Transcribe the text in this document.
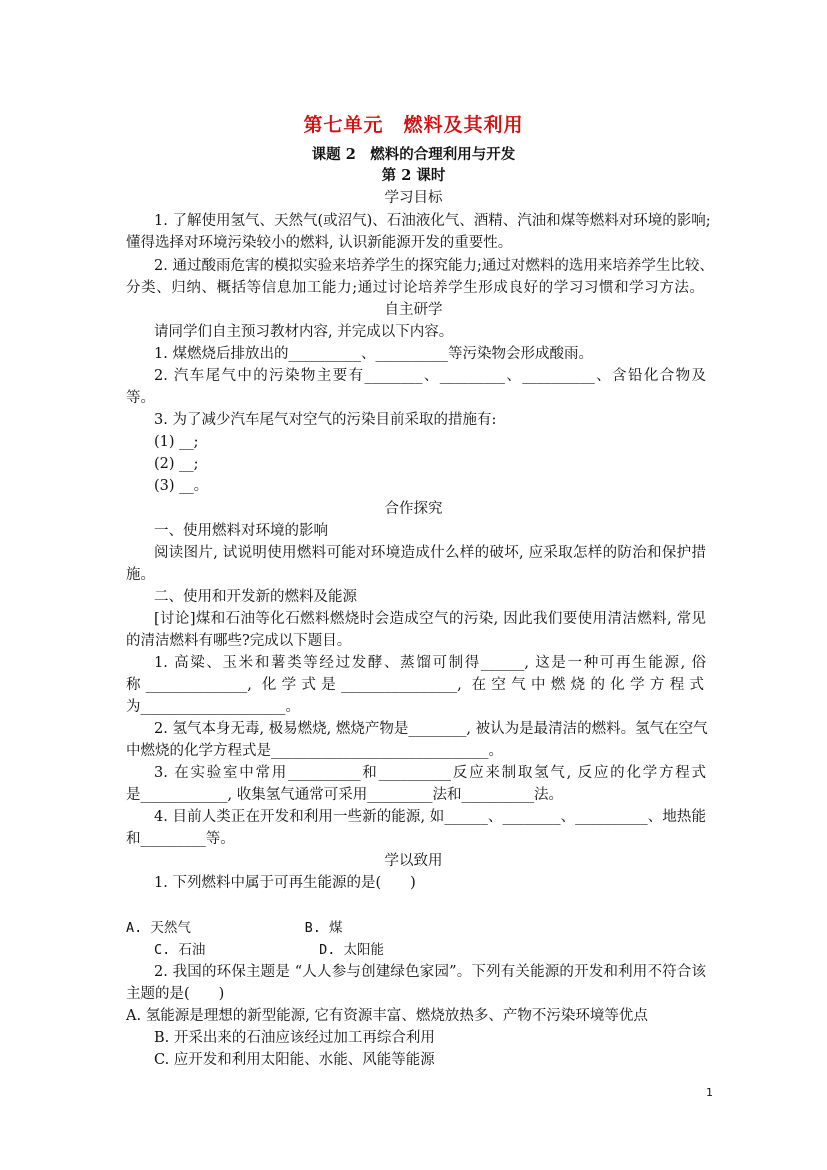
第七单元　燃料及其利用
课题 2　燃料的合理利用与开发
第 2 课时
学习目标
1. 了解使用氢气、天然气(或沼气)、石油液化气、酒精、汽油和煤等燃料对环境的影响;
懂得选择对环境污染较小的燃料, 认识新能源开发的重要性。
2. 通过酸雨危害的模拟实验来培养学生的探究能力;通过对燃料的选用来培养学生比较、
分类、归纳、概括等信息加工能力;通过讨论培养学生形成良好的学习习惯和学习方法。
自主研学
请同学们自主预习教材内容, 并完成以下内容。
1. 煤燃烧后排放出的__________、__________等污染物会形成酸雨。
2. 汽车尾气中的污染物主要有________、_________、__________、含铅化合物及
等。
3. 为了减少汽车尾气对空气的污染目前采取的措施有:
(1) __;
(2) __;
(3) __。
合作探究
一、使用燃料对环境的影响
阅读图片, 试说明使用燃料可能对环境造成什么样的破坏, 应采取怎样的防治和保护措
施。
二、使用和开发新的燃料及能源
[讨论]煤和石油等化石燃料燃烧时会造成空气的污染, 因此我们要使用清洁燃料, 常见
的清洁燃料有哪些?完成以下题目。
1. 高粱、玉米和薯类等经过发酵、蒸馏可制得______, 这是一种可再生能源, 俗
称______________, 化学式是________________, 在空气中燃烧的化学方程式
为____________________。
2. 氢气本身无毒, 极易燃烧, 燃烧产物是________, 被认为是最清洁的燃料。氢气在空气
中燃烧的化学方程式是______________________________。
3. 在实验室中常用__________和__________反应来制取氢气, 反应的化学方程式
是____________, 收集氢气通常可采用_________法和__________法。
4. 目前人类正在开发和利用一些新的能源, 如______、________、__________、地热能
和_________等。
学以致用
1. 下列燃料中属于可再生能源的是(　　)
A. 天然气              B. 煤
C. 石油              D. 太阳能
2. 我国的环保主题是 “人人参与创建绿色家园”。下列有关能源的开发和利用不符合该
主题的是(　　)
A. 氢能源是理想的新型能源, 它有资源丰富、燃烧放热多、产物不污染环境等优点
B. 开采出来的石油应该经过加工再综合利用
C. 应开发和利用太阳能、水能、风能等能源
1
